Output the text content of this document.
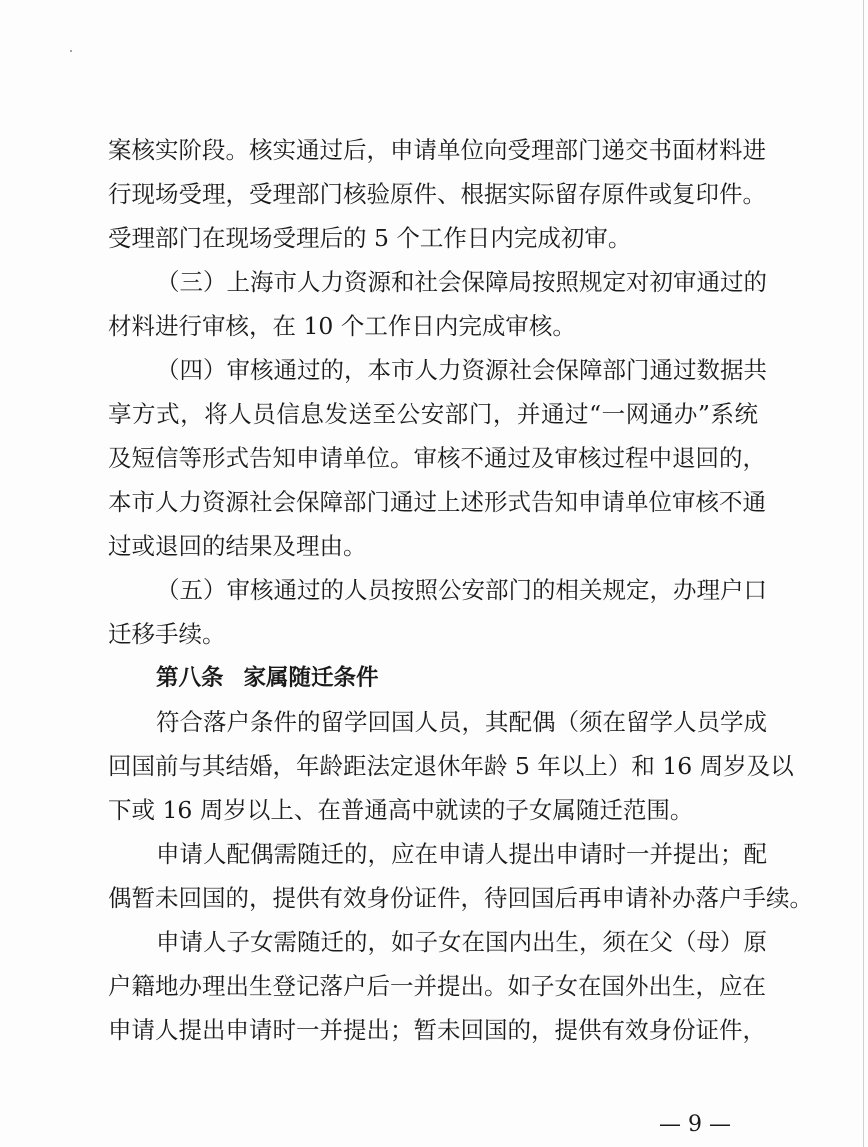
案核实阶段。核实通过后，申请单位向受理部门递交书面材料进
行现场受理，受理部门核验原件、根据实际留存原件或复印件。
受理部门在现场受理后的 5 个工作日内完成初审。
（三）上海市人力资源和社会保障局按照规定对初审通过的
材料进行审核，在 10 个工作日内完成审核。
（四）审核通过的，本市人力资源社会保障部门通过数据共
享方式，将人员信息发送至公安部门，并通过“一网通办”系统
及短信等形式告知申请单位。审核不通过及审核过程中退回的，
本市人力资源社会保障部门通过上述形式告知申请单位审核不通
过或退回的结果及理由。
（五）审核通过的人员按照公安部门的相关规定，办理户口
迁移手续。
第八条 家属随迁条件
符合落户条件的留学回国人员，其配偶（须在留学人员学成
回国前与其结婚，年龄距法定退休年龄 5 年以上）和 16 周岁及以
下或 16 周岁以上、在普通高中就读的子女属随迁范围。
申请人配偶需随迁的，应在申请人提出申请时一并提出；配
偶暂未回国的，提供有效身份证件，待回国后再申请补办落户手续。
申请人子女需随迁的，如子女在国内出生，须在父（母）原
户籍地办理出生登记落户后一并提出。如子女在国外出生，应在
申请人提出申请时一并提出；暂未回国的，提供有效身份证件，
— 9 —
